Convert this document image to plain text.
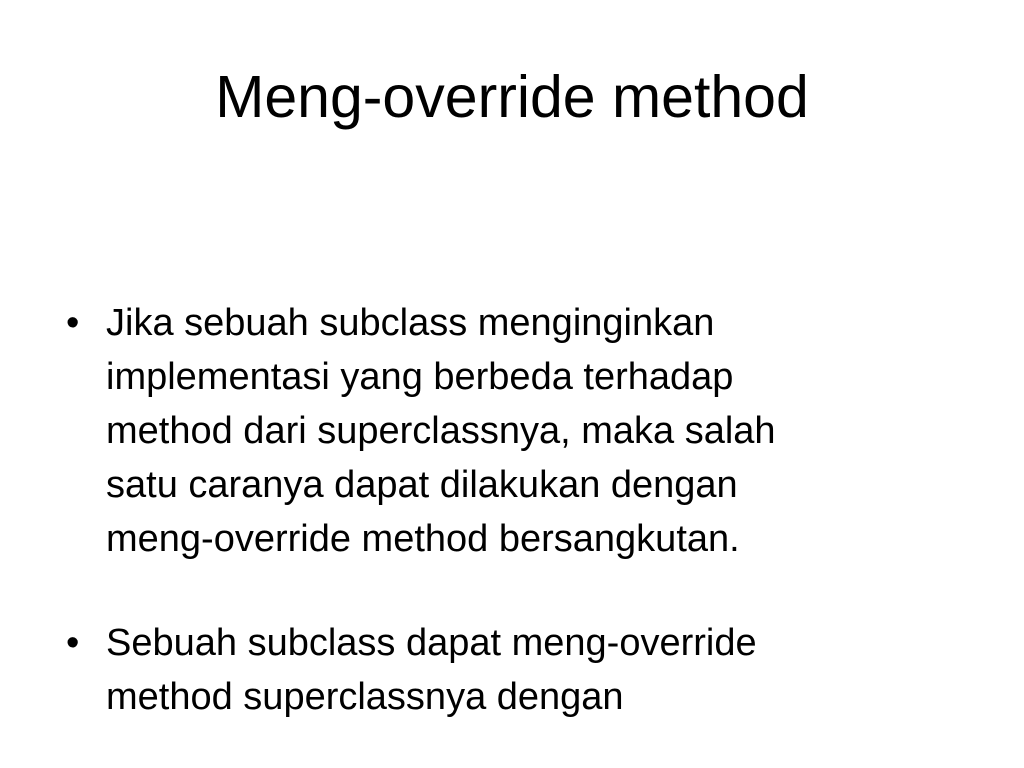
Meng-override method
• Jika sebuah subclass menginginkan
implementasi yang berbeda terhadap
method dari superclassnya, maka salah
satu caranya dapat dilakukan dengan
meng-override method bersangkutan.
• Sebuah subclass dapat meng-override
method superclassnya dengan
